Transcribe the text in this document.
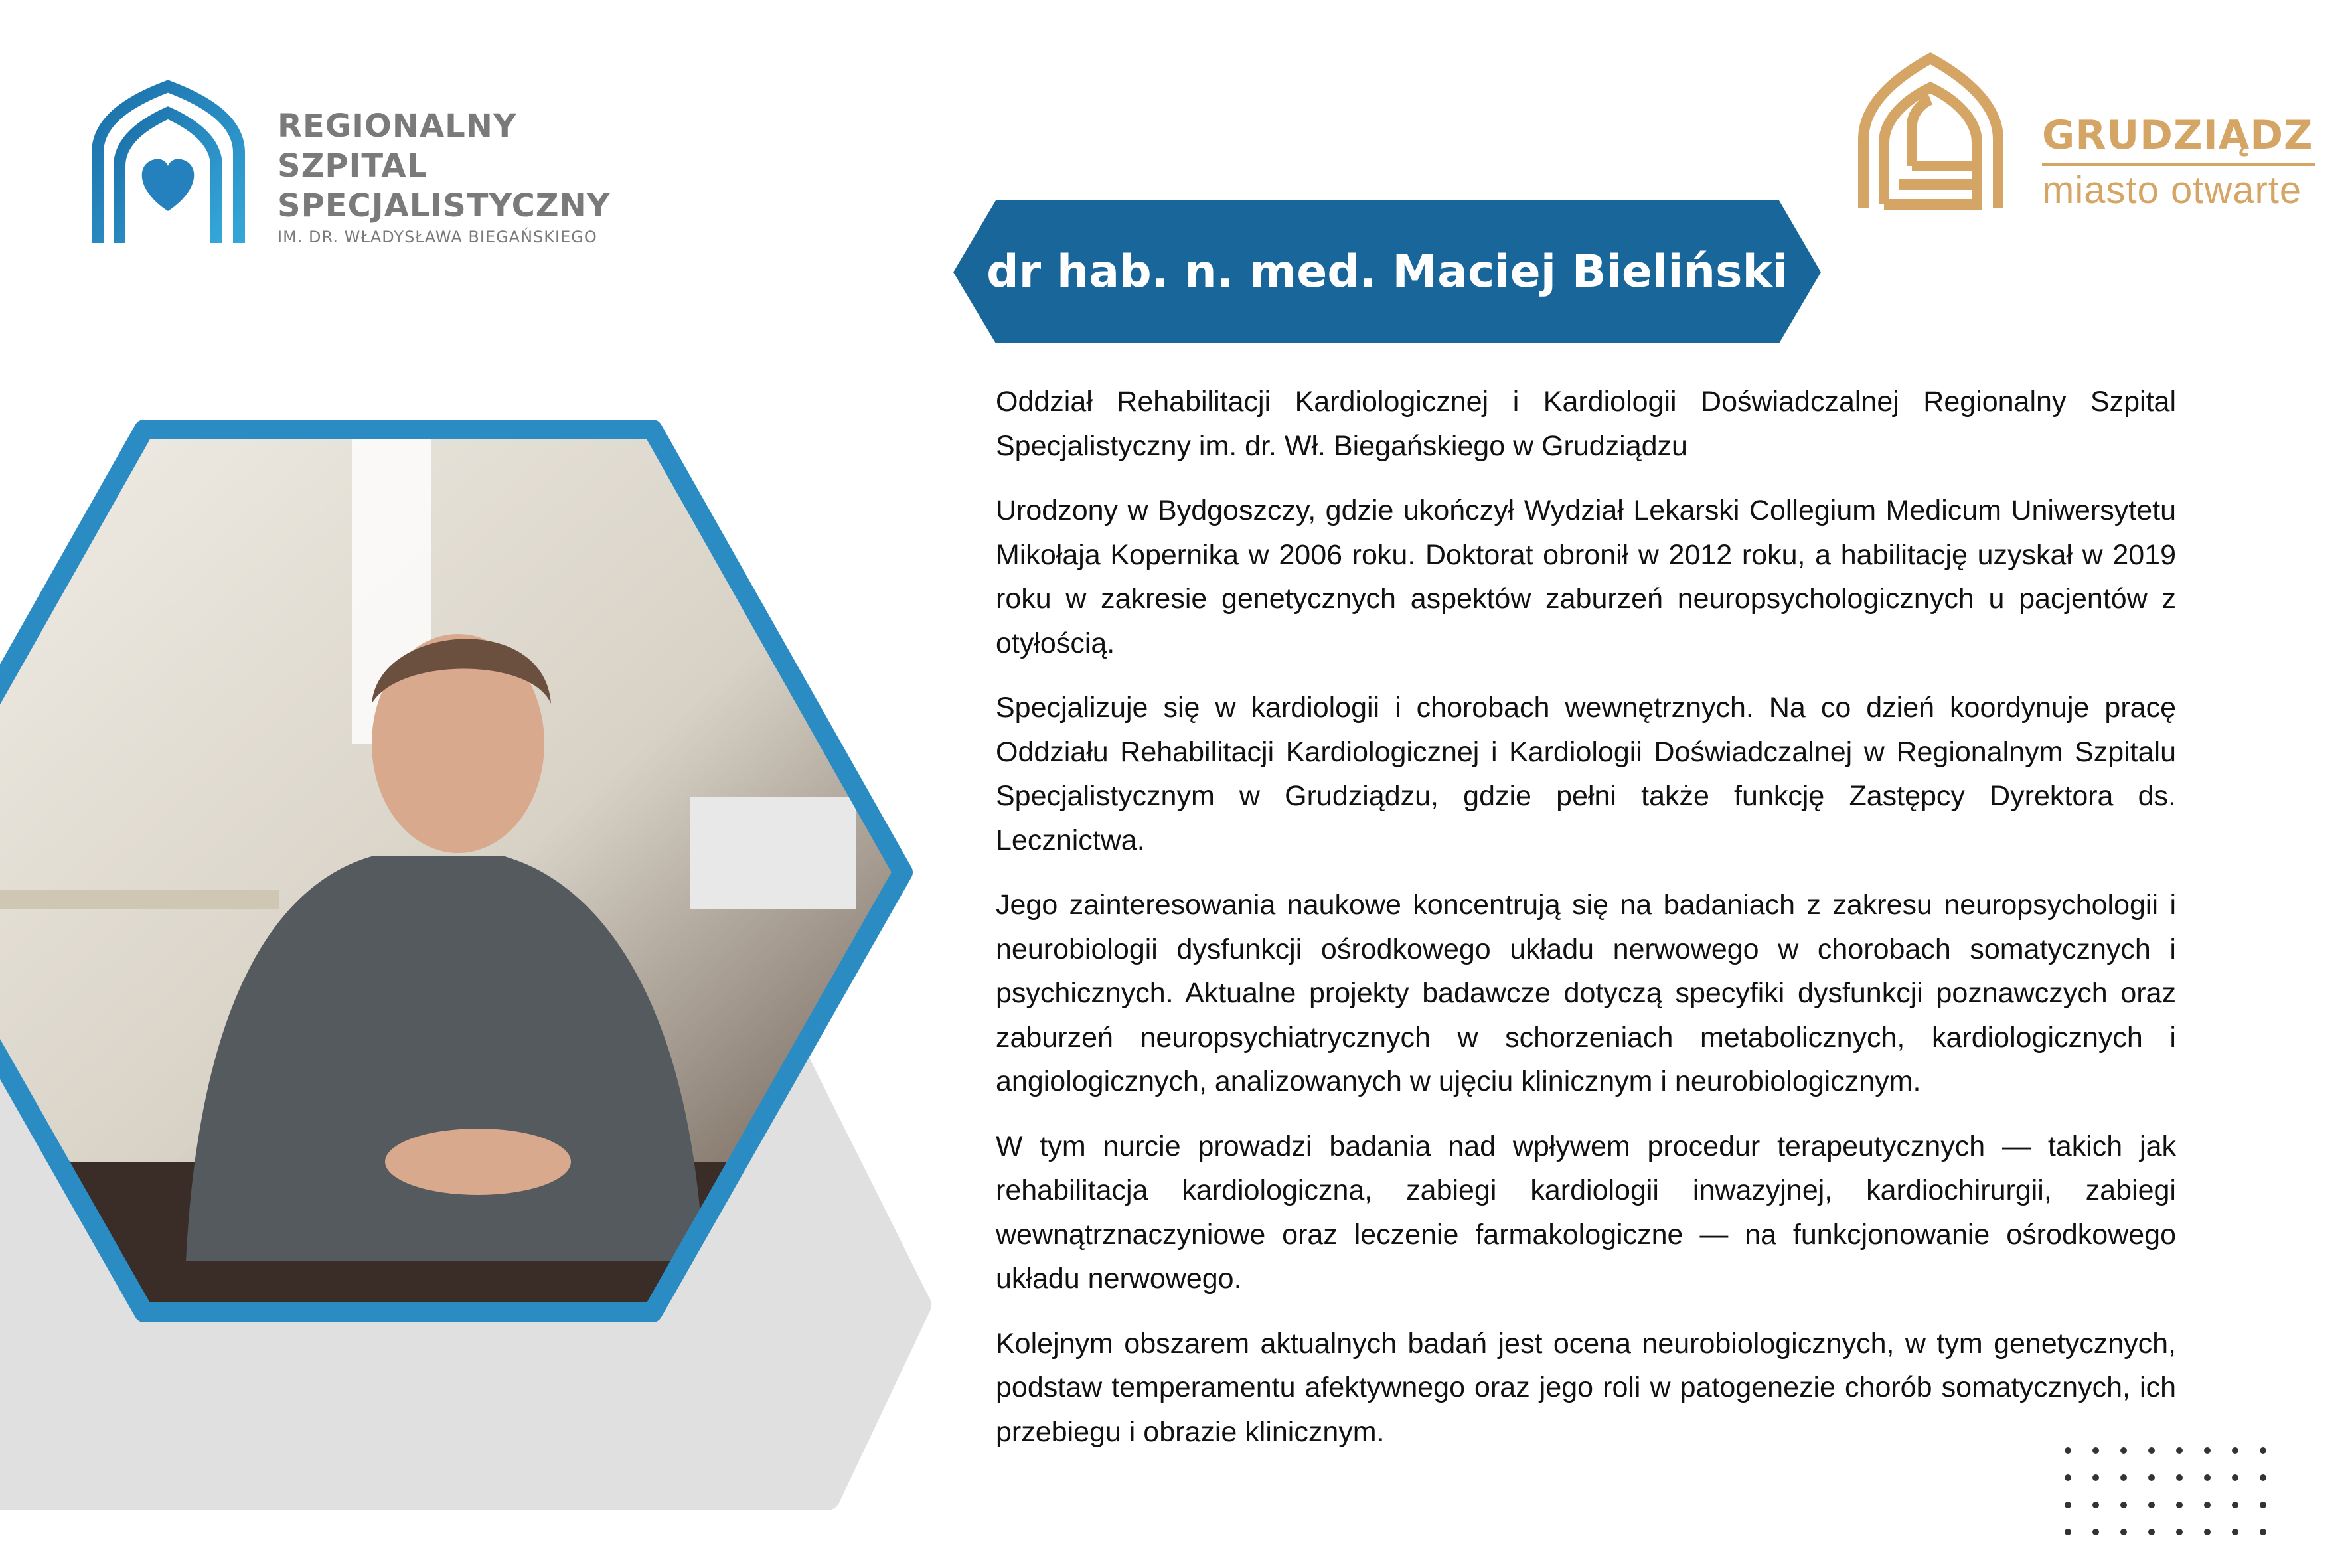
REGIONALNY
SZPITAL
SPECJALISTYCZNY
IM. DR. WŁADYSŁAWA BIEGAŃSKIEGO
GRUDZIĄDZ
miasto otwarte
dr hab. n. med. Maciej Bieliński

Oddział Rehabilitacji Kardiologicznej i Kardiologii Doświadczalnej Regionalny Szpital Specjalistyczny im. dr. Wł. Biegańskiego w Grudziądzu

Urodzony w Bydgoszczy, gdzie ukończył Wydział Lekarski Collegium Medicum Uniwersytetu Mikołaja Kopernika w 2006 roku. Doktorat obronił w 2012 roku, a habilitację uzyskał w 2019 roku w zakresie genetycznych aspektów zaburzeń neuropsychologicznych u pacjentów z otyłością.

Specjalizuje się w kardiologii i chorobach wewnętrznych. Na co dzień koordynuje pracę Oddziału Rehabilitacji Kardiologicznej i Kardiologii Doświadczalnej w Regionalnym Szpitalu Specjalistycznym w Grudziądzu, gdzie pełni także funkcję Zastępcy Dyrektora ds. Lecznictwa.

Jego zainteresowania naukowe koncentrują się na badaniach z zakresu neuropsychologii i neurobiologii dysfunkcji ośrodkowego układu nerwowego w chorobach somatycznych i psychicznych. Aktualne projekty badawcze dotyczą specyfiki dysfunkcji poznawczych oraz zaburzeń neuropsychiatrycznych w schorzeniach metabolicznych, kardiologicznych i angiologicznych, analizowanych w ujęciu klinicznym i neurobiologicznym.

W tym nurcie prowadzi badania nad wpływem procedur terapeutycznych — takich jak rehabilitacja kardiologiczna, zabiegi kardiologii inwazyjnej, kardiochirurgii, zabiegi wewnątrznaczyniowe oraz leczenie farmakologiczne — na funkcjonowanie ośrodkowego układu nerwowego.

Kolejnym obszarem aktualnych badań jest ocena neurobiologicznych, w tym genetycznych, podstaw temperamentu afektywnego oraz jego roli w patogenezie chorób somatycznych, ich przebiegu i obrazie klinicznym.
